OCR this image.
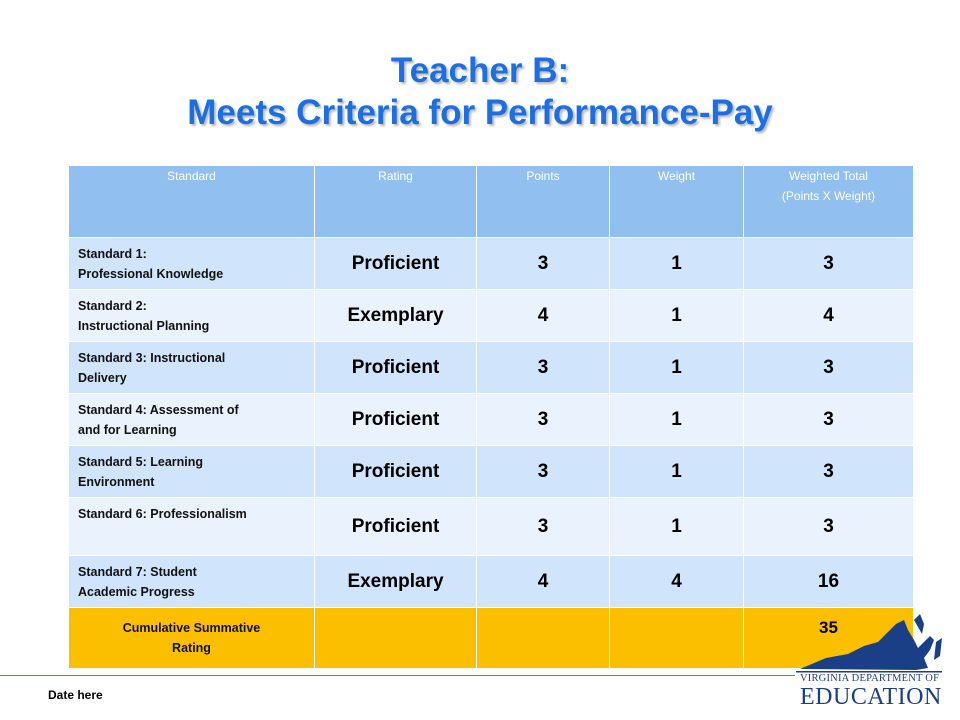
Teacher B:
Meets Criteria for Performance-Pay
Standard	Rating	Points	Weight	Weighted Total
(Points X Weight)
Standard 1:
Professional Knowledge	Proficient	3	1	3
Standard 2:
Instructional Planning	Exemplary	4	1	4
Standard 3: Instructional
Delivery	Proficient	3	1	3
Standard 4: Assessment of
and for Learning	Proficient	3	1	3
Standard 5: Learning
Environment	Proficient	3	1	3
Standard 6: Professionalism	Proficient	3	1	3
Standard 7: Student
Academic Progress	Exemplary	4	4	16
Cumulative Summative
Rating				35
Date here
VIRGINIA DEPARTMENT OF
EDUCATION
